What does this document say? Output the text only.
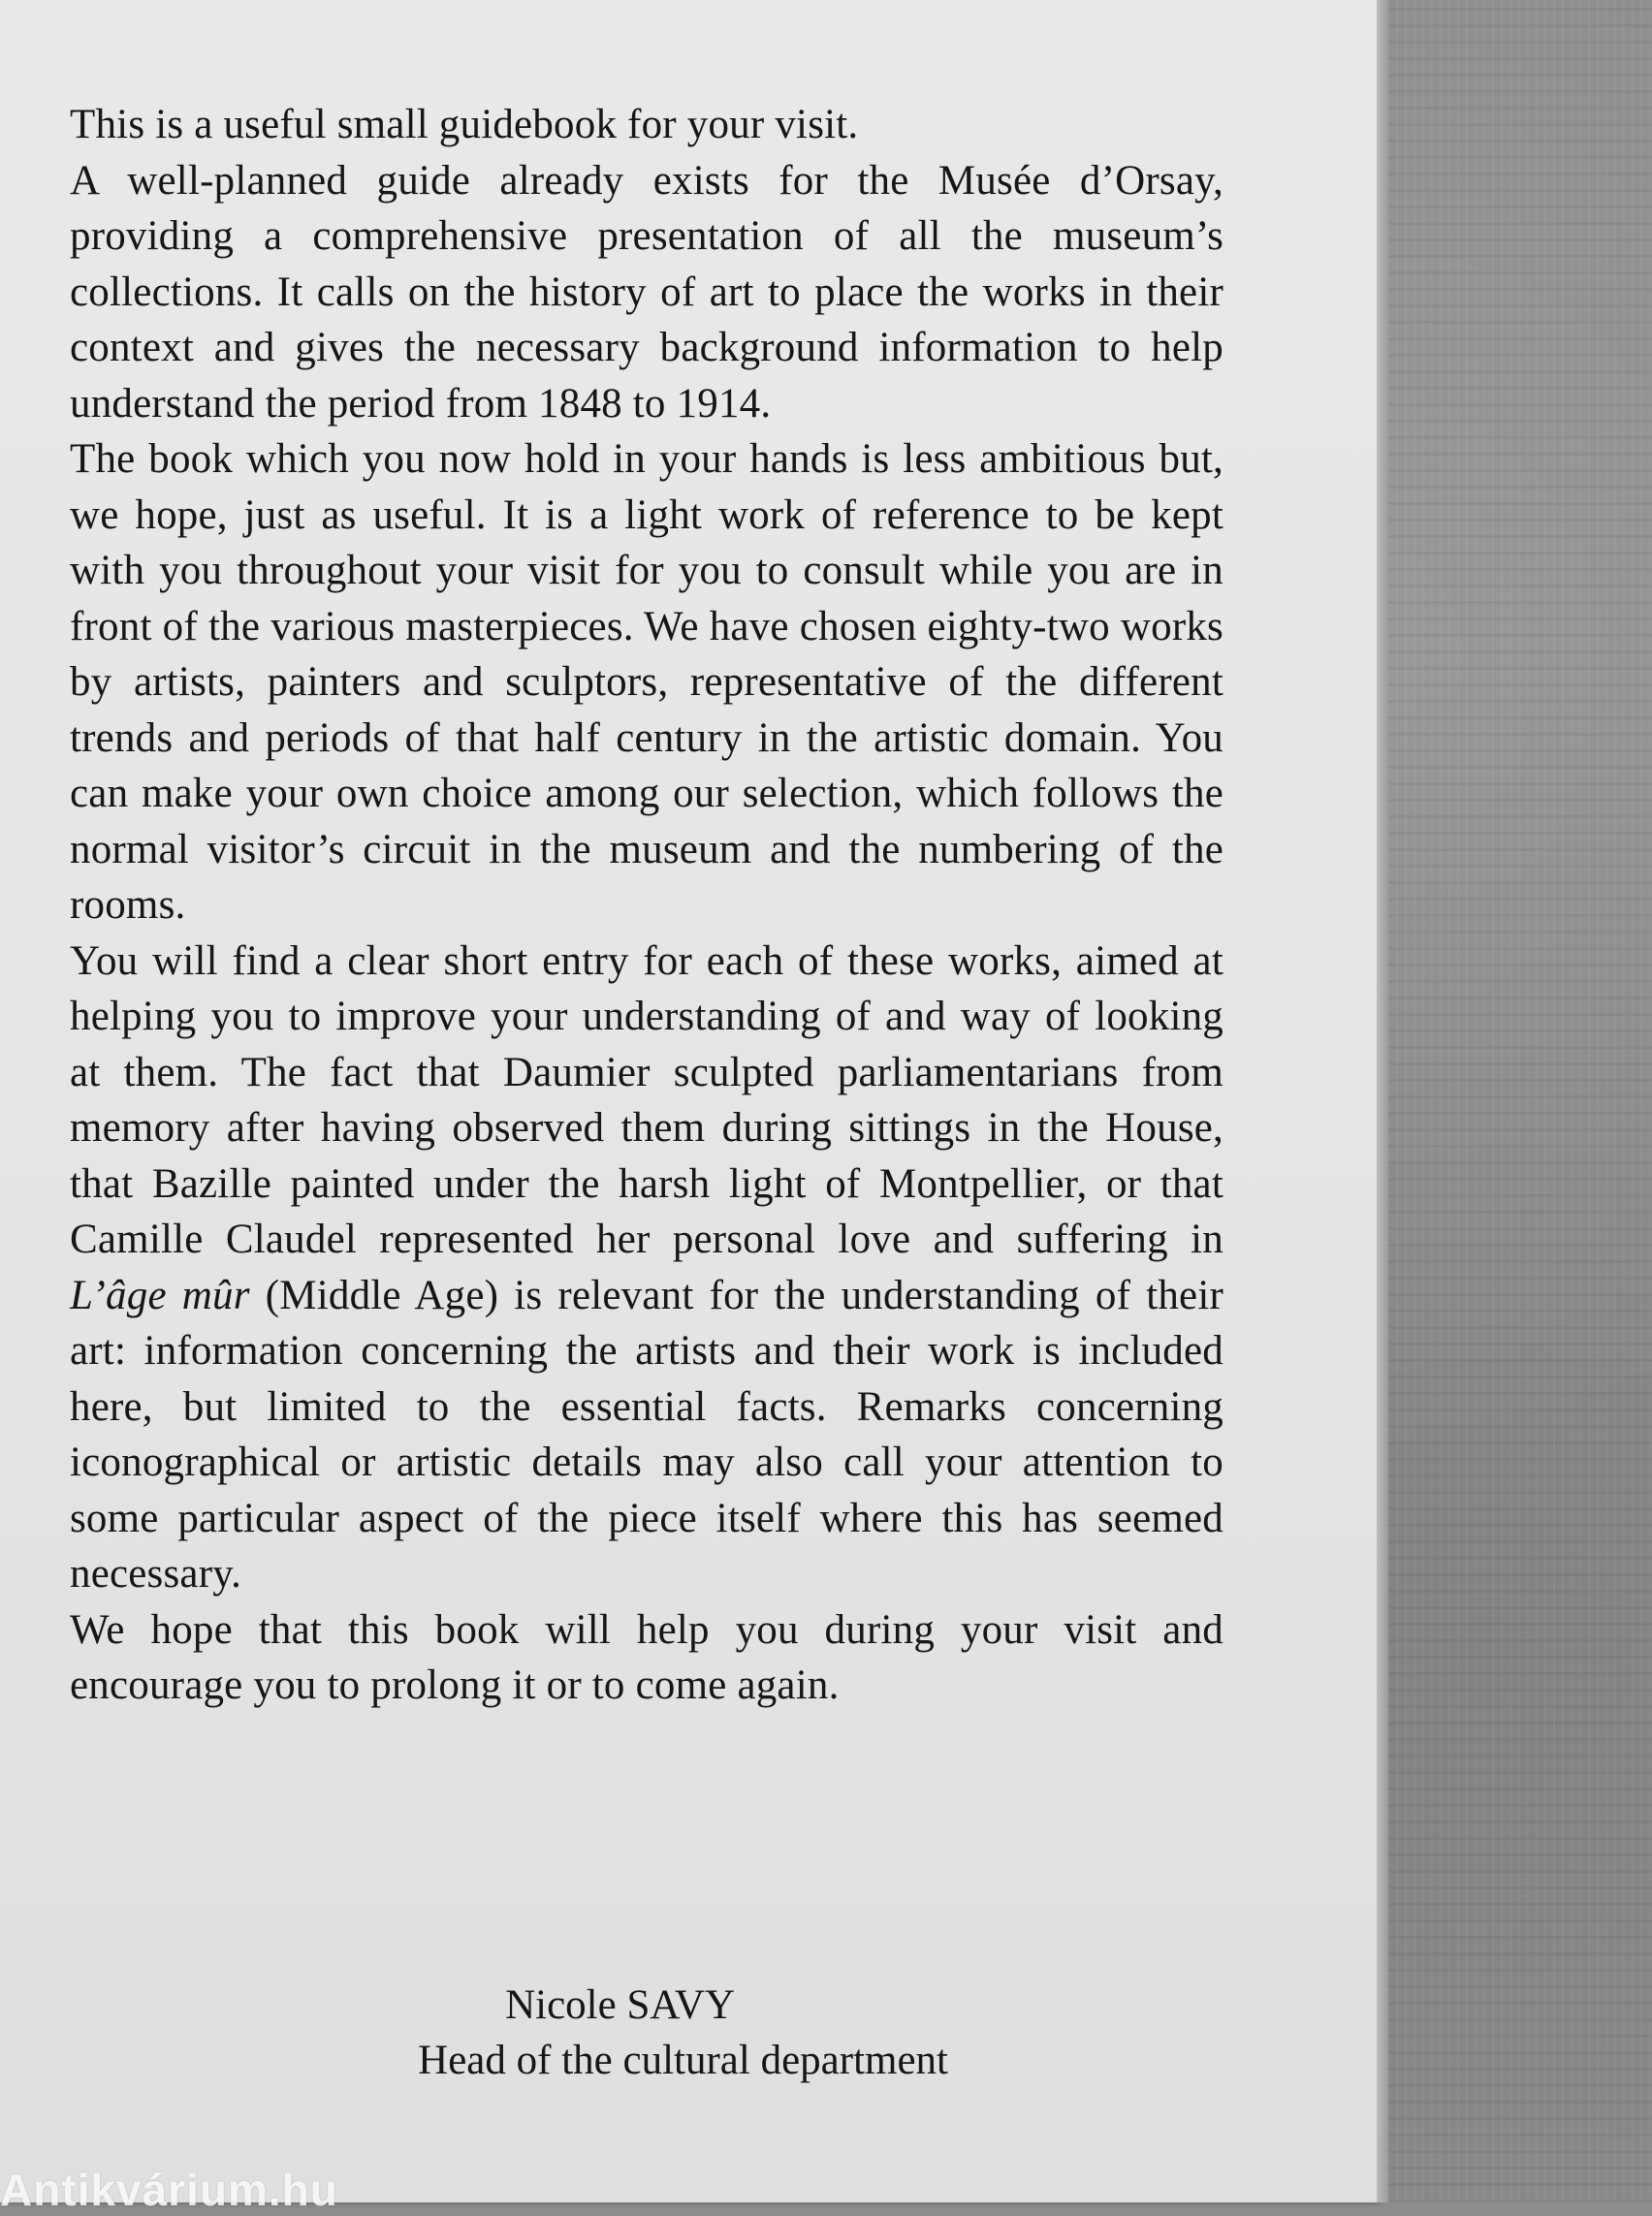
This is a useful small guidebook for your visit.

A well-planned guide already exists for the Musée d’Orsay, providing a comprehensive presentation of all the museum’s collections. It calls on the history of art to place the works in their context and gives the necessary background information to help understand the period from 1848 to 1914.

The book which you now hold in your hands is less ambitious but, we hope, just as useful. It is a light work of reference to be kept with you throughout your visit for you to consult while you are in front of the various masterpieces. We have chosen eighty-two works by artists, painters and sculptors, representative of the different trends and periods of that half century in the artistic domain. You can make your own choice among our selection, which follows the normal visitor’s circuit in the museum and the numbering of the rooms.

You will find a clear short entry for each of these works, aimed at helping you to improve your understanding of and way of looking at them. The fact that Daumier sculpted parliamentarians from memory after having observed them during sittings in the House, that Bazille painted under the harsh light of Montpellier, or that Camille Claudel represented her personal love and suffering in L’âge mûr (Middle Age) is relevant for the understanding of their art: information concerning the artists and their work is included here, but limited to the essential facts. Remarks concerning iconographical or artistic details may also call your attention to some particular aspect of the piece itself where this has seemed necessary.

We hope that this book will help you during your visit and encourage you to prolong it or to come again.

Nicole SAVY
Head of the cultural department
Antikvárium.hu
